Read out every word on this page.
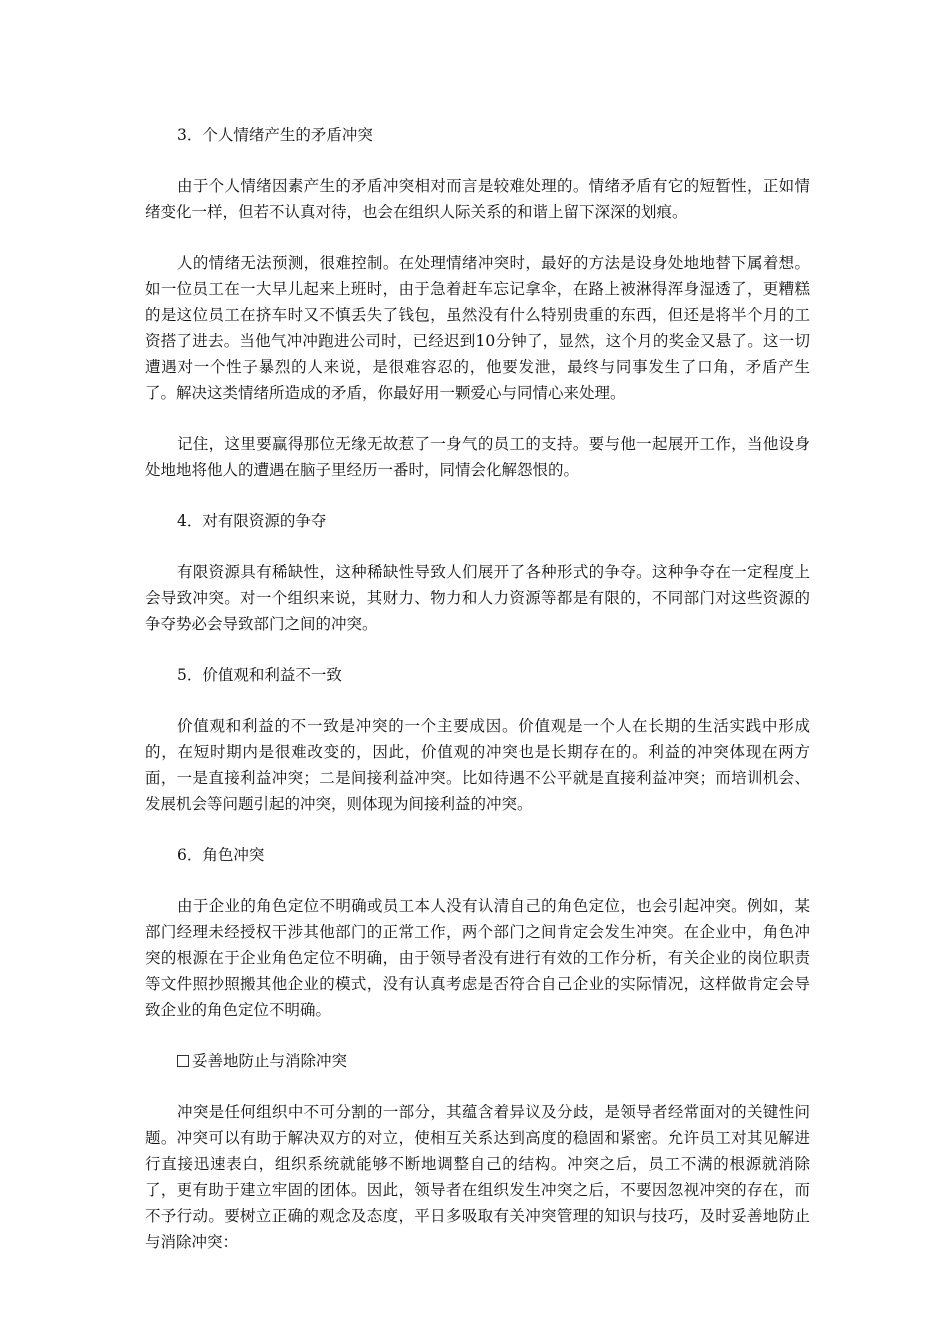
3．个人情绪产生的矛盾冲突
由于个人情绪因素产生的矛盾冲突相对而言是较难处理的。情绪矛盾有它的短暂性，正如情绪变化一样，但若不认真对待，也会在组织人际关系的和谐上留下深深的划痕。
人的情绪无法预测，很难控制。在处理情绪冲突时，最好的方法是设身处地地替下属着想。如一位员工在一大早儿起来上班时，由于急着赶车忘记拿伞，在路上被淋得浑身湿透了，更糟糕的是这位员工在挤车时又不慎丢失了钱包，虽然没有什么特别贵重的东西，但还是将半个月的工资搭了进去。当他气冲冲跑进公司时，已经迟到10分钟了，显然，这个月的奖金又悬了。这一切遭遇对一个性子暴烈的人来说，是很难容忍的，他要发泄，最终与同事发生了口角，矛盾产生了。解决这类情绪所造成的矛盾，你最好用一颗爱心与同情心来处理。
记住，这里要赢得那位无缘无故惹了一身气的员工的支持。要与他一起展开工作，当他设身处地地将他人的遭遇在脑子里经历一番时，同情会化解怨恨的。
4．对有限资源的争夺
有限资源具有稀缺性，这种稀缺性导致人们展开了各种形式的争夺。这种争夺在一定程度上会导致冲突。对一个组织来说，其财力、物力和人力资源等都是有限的，不同部门对这些资源的争夺势必会导致部门之间的冲突。
5．价值观和利益不一致
价值观和利益的不一致是冲突的一个主要成因。价值观是一个人在长期的生活实践中形成的，在短时期内是很难改变的，因此，价值观的冲突也是长期存在的。利益的冲突体现在两方面，一是直接利益冲突；二是间接利益冲突。比如待遇不公平就是直接利益冲突；而培训机会、发展机会等问题引起的冲突，则体现为间接利益的冲突。
6．角色冲突
由于企业的角色定位不明确或员工本人没有认清自己的角色定位，也会引起冲突。例如，某部门经理未经授权干涉其他部门的正常工作，两个部门之间肯定会发生冲突。在企业中，角色冲突的根源在于企业角色定位不明确，由于领导者没有进行有效的工作分析，有关企业的岗位职责等文件照抄照搬其他企业的模式，没有认真考虑是否符合自己企业的实际情况，这样做肯定会导致企业的角色定位不明确。
妥善地防止与消除冲突
冲突是任何组织中不可分割的一部分，其蕴含着异议及分歧，是领导者经常面对的关键性问题。冲突可以有助于解决双方的对立，使相互关系达到高度的稳固和紧密。允许员工对其见解进行直接迅速表白，组织系统就能够不断地调整自己的结构。冲突之后，员工不满的根源就消除了，更有助于建立牢固的团体。因此，领导者在组织发生冲突之后，不要因忽视冲突的存在，而不予行动。要树立正确的观念及态度，平日多吸取有关冲突管理的知识与技巧，及时妥善地防止与消除冲突：
